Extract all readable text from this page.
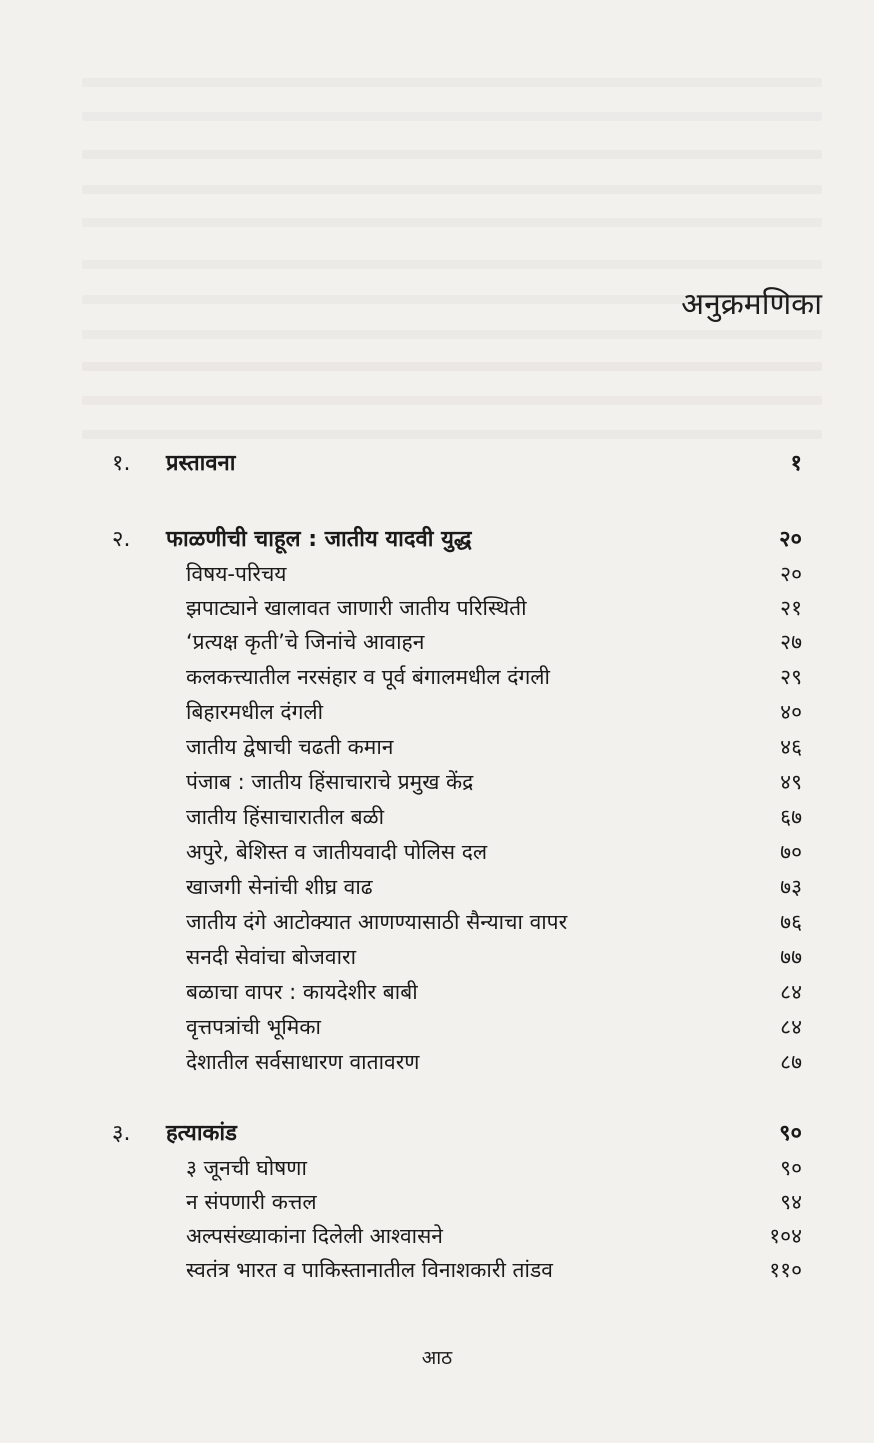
अनुक्रमणिका
१. प्रस्तावना	१
२. फाळणीची चाहूल : जातीय यादवी युद्ध	२०
विषय-परिचय	२०
झपाट्याने खालावत जाणारी जातीय परिस्थिती	२१
‘प्रत्यक्ष कृती’चे जिनांचे आवाहन	२७
कलकत्त्यातील नरसंहार व पूर्व बंगालमधील दंगली	२९
बिहारमधील दंगली	४०
जातीय द्वेषाची चढती कमान	४६
पंजाब : जातीय हिंसाचाराचे प्रमुख केंद्र	४९
जातीय हिंसाचारातील बळी	६७
अपुरे, बेशिस्त व जातीयवादी पोलिस दल	७०
खाजगी सेनांची शीघ्र वाढ	७३
जातीय दंगे आटोक्यात आणण्यासाठी सैन्याचा वापर	७६
सनदी सेवांचा बोजवारा	७७
बळाचा वापर : कायदेशीर बाबी	८४
वृत्तपत्रांची भूमिका	८४
देशातील सर्वसाधारण वातावरण	८७
३. हत्याकांड	९०
३ जूनची घोषणा	९०
न संपणारी कत्तल	९४
अल्पसंख्याकांना दिलेली आश्वासने	१०४
स्वतंत्र भारत व पाकिस्तानातील विनाशकारी तांडव	११०
आठ
